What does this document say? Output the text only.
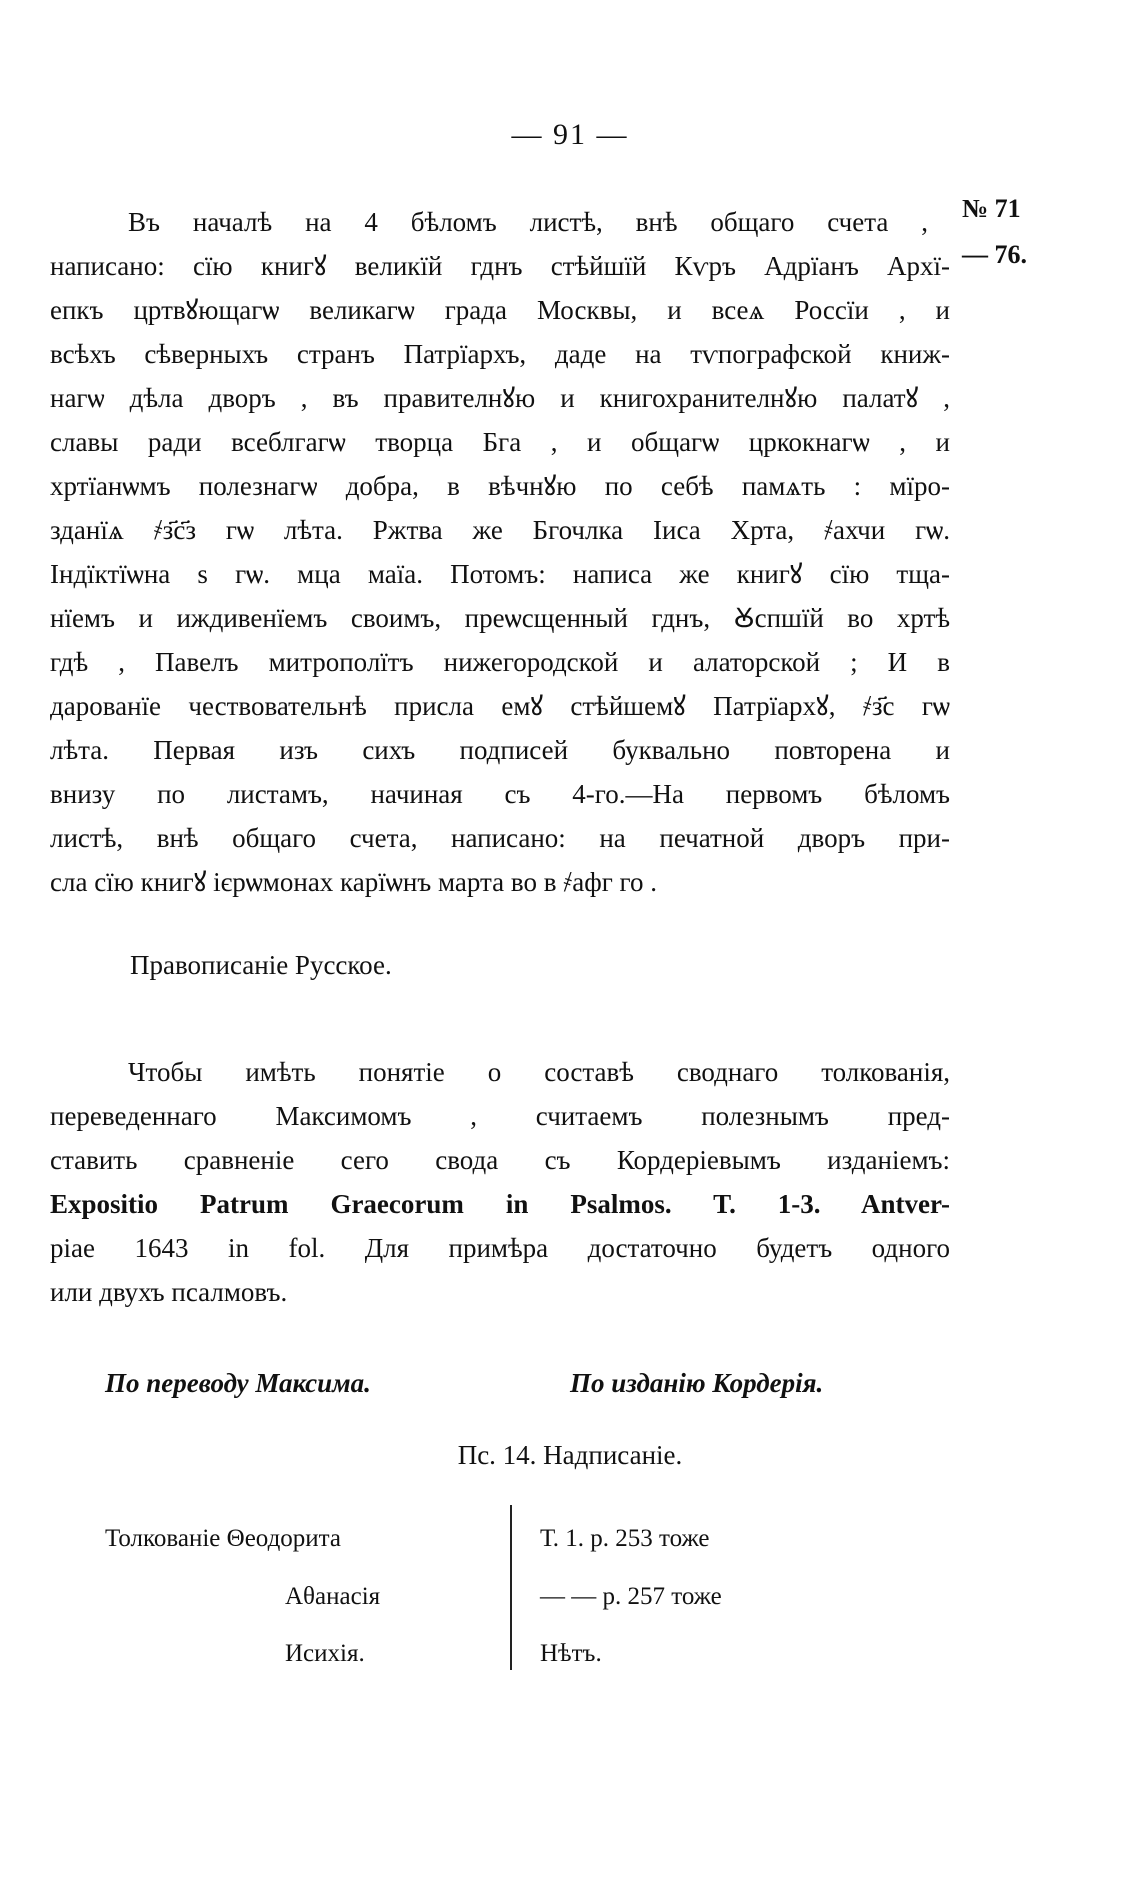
— 91 —
№ 71
— 76.
Въ началѣ на 4 бѣломъ листѣ, внѣ общаго счета ,
написано: сїю книгꙋ великїй гднъ стѣйшїй Кѵръ Адрїанъ Архї-
епкъ цртвꙋющагѡ великагѡ града Москвы, и всеѧ Россїи , и
всѣхъ сѣверныхъ странъ Патрїархъ, даде на тѵпографской книж-
нагѡ дѣла дворъ , въ правителнꙋю и книгохранителнꙋю палатꙋ ,
славы ради всеблгагѡ творца Бга , и общагѡ цркокнагѡ , и
хртїанѡмъ полезнагѡ добра, в вѣчнꙋю по себѣ памѧть : мїро-
зданїѧ ҂з҃с҃з гѡ лѣта. Ржтва же Бгочлка Іиса Хрта, ҂ахчи гѡ.
Індїктїѡна ѕ гѡ. мца маїа. Потомъ: написа же книгꙋ сїю тща-
нїемъ и иждивенїемъ своимъ, преѡсщенный гднъ, Ꙋспшїй во хртѣ
гдѣ , Павелъ митрополїтъ нижегородской и алаторской ; И в
дарованїе чествовательнѣ присла емꙋ стѣйшемꙋ Патрїархꙋ, ҂з҃с гѡ
лѣта. Первая изъ сихъ подписей буквально повторена и
внизу по листамъ, начиная съ 4-го.—На первомъ бѣломъ
листѣ, внѣ общаго счета, написано: на печатной дворъ при-
сла сїю книгꙋ ієрѡмонах карїѡнъ марта во в ҂афг го .
Правописаніе Русское.
Чтобы имѣть понятіе о составѣ своднаго толкованія,
переведеннаго Максимомъ , считаемъ полезнымъ пред-
ставить сравненіе сего свода съ Кордеріевымъ изданіемъ:
Expositio Patrum Graecorum in Psalmos. T. 1-3. Antver-
piae 1643 in fol. Для примѣра достаточно будетъ одного
или двухъ псалмовъ.
По переводу Максима.	По изданію Кордерія.
Пс. 14. Надписаніе.
Толкованіе Θеодорита
Аθанасія
Исихія.
Т. 1. р. 253 тоже
— — р. 257 тоже
Нѣтъ.
